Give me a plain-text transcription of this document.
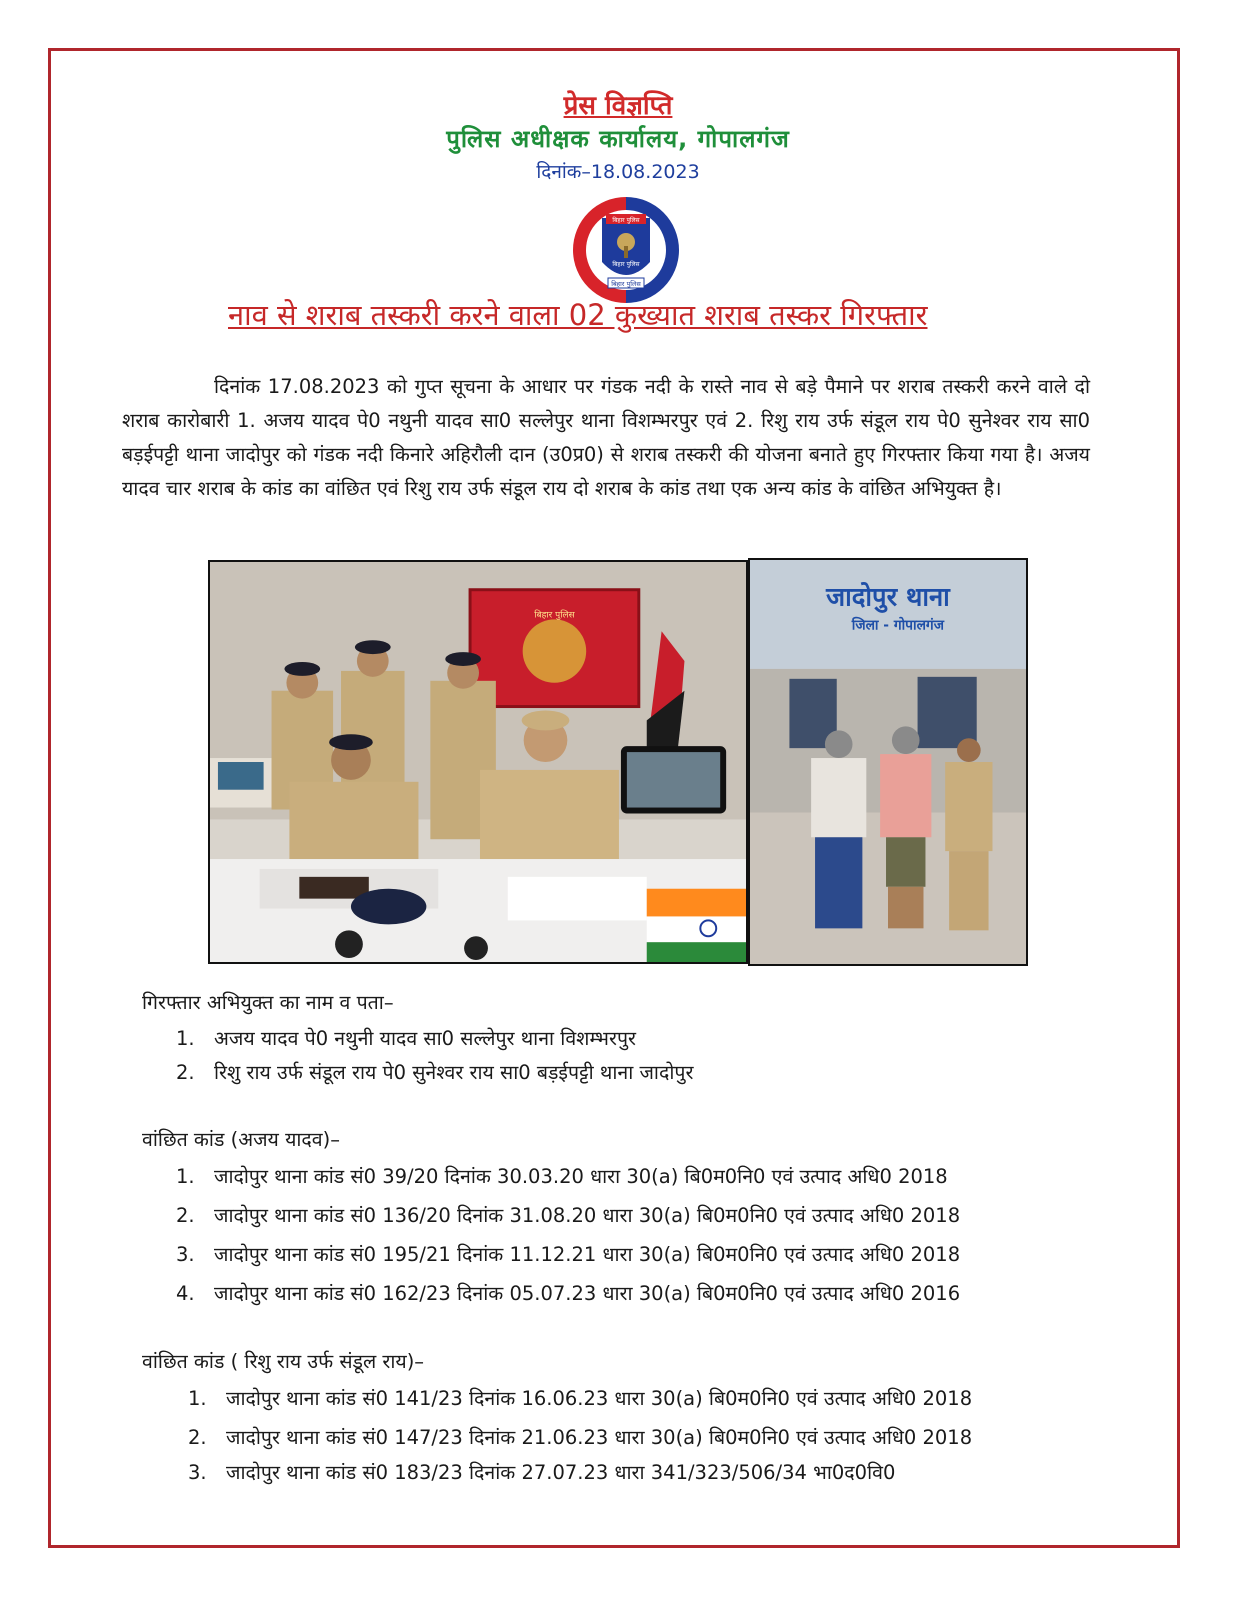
प्रेस विज्ञप्ति
पुलिस अधीक्षक कार्यालय, गोपालगंज
दिनांक–18.08.2023
बिहार पुलिस
बिहार पुलिस
बिहार पुलिस
नाव से शराब तस्करी करने वाला 02 कुख्यात शराब तस्कर गिरफ्तार
दिनांक 17.08.2023 को गुप्त सूचना के आधार पर गंडक नदी के रास्ते नाव से बड़े पैमाने पर शराब तस्करी करने वाले दो शराब कारोबारी 1. अजय यादव पे0 नथुनी यादव सा0 सल्लेपुर थाना विशम्भरपुर एवं 2. रिशु राय उर्फ संडूल राय पे0 सुनेश्वर राय सा0 बड़ईपट्टी थाना जादोपुर को गंडक नदी किनारे अहिरौली दान (उ0प्र0) से शराब तस्करी की योजना बनाते हुए गिरफ्तार किया गया है। अजय यादव चार शराब के कांड का वांछित एवं रिशु राय उर्फ संडूल राय दो शराब के कांड तथा एक अन्य कांड के वांछित अभियुक्त है।
बिहार पुलिस
जादोपुर थाना
जिला - गोपालगंज
गिरफ्तार अभियुक्त का नाम व पता–
1. अजय यादव पे0 नथुनी यादव सा0 सल्लेपुर थाना विशम्भरपुर
2. रिशु राय उर्फ संडूल राय पे0 सुनेश्वर राय सा0 बड़ईपट्टी थाना जादोपुर
वांछित कांड (अजय यादव)–
1. जादोपुर थाना कांड सं0 39/20 दिनांक 30.03.20 धारा 30(a) बि0म0नि0 एवं उत्पाद अधि0 2018
2. जादोपुर थाना कांड सं0 136/20 दिनांक 31.08.20 धारा 30(a) बि0म0नि0 एवं उत्पाद अधि0 2018
3. जादोपुर थाना कांड सं0 195/21 दिनांक 11.12.21 धारा 30(a) बि0म0नि0 एवं उत्पाद अधि0 2018
4. जादोपुर थाना कांड सं0 162/23 दिनांक 05.07.23 धारा 30(a) बि0म0नि0 एवं उत्पाद अधि0 2016
वांछित कांड ( रिशु राय उर्फ संडूल राय)–
1. जादोपुर थाना कांड सं0 141/23 दिनांक 16.06.23 धारा 30(a) बि0म0नि0 एवं उत्पाद अधि0 2018
2. जादोपुर थाना कांड सं0 147/23 दिनांक 21.06.23 धारा 30(a) बि0म0नि0 एवं उत्पाद अधि0 2018
3. जादोपुर थाना कांड सं0 183/23 दिनांक 27.07.23 धारा 341/323/506/34 भा0द0वि0
